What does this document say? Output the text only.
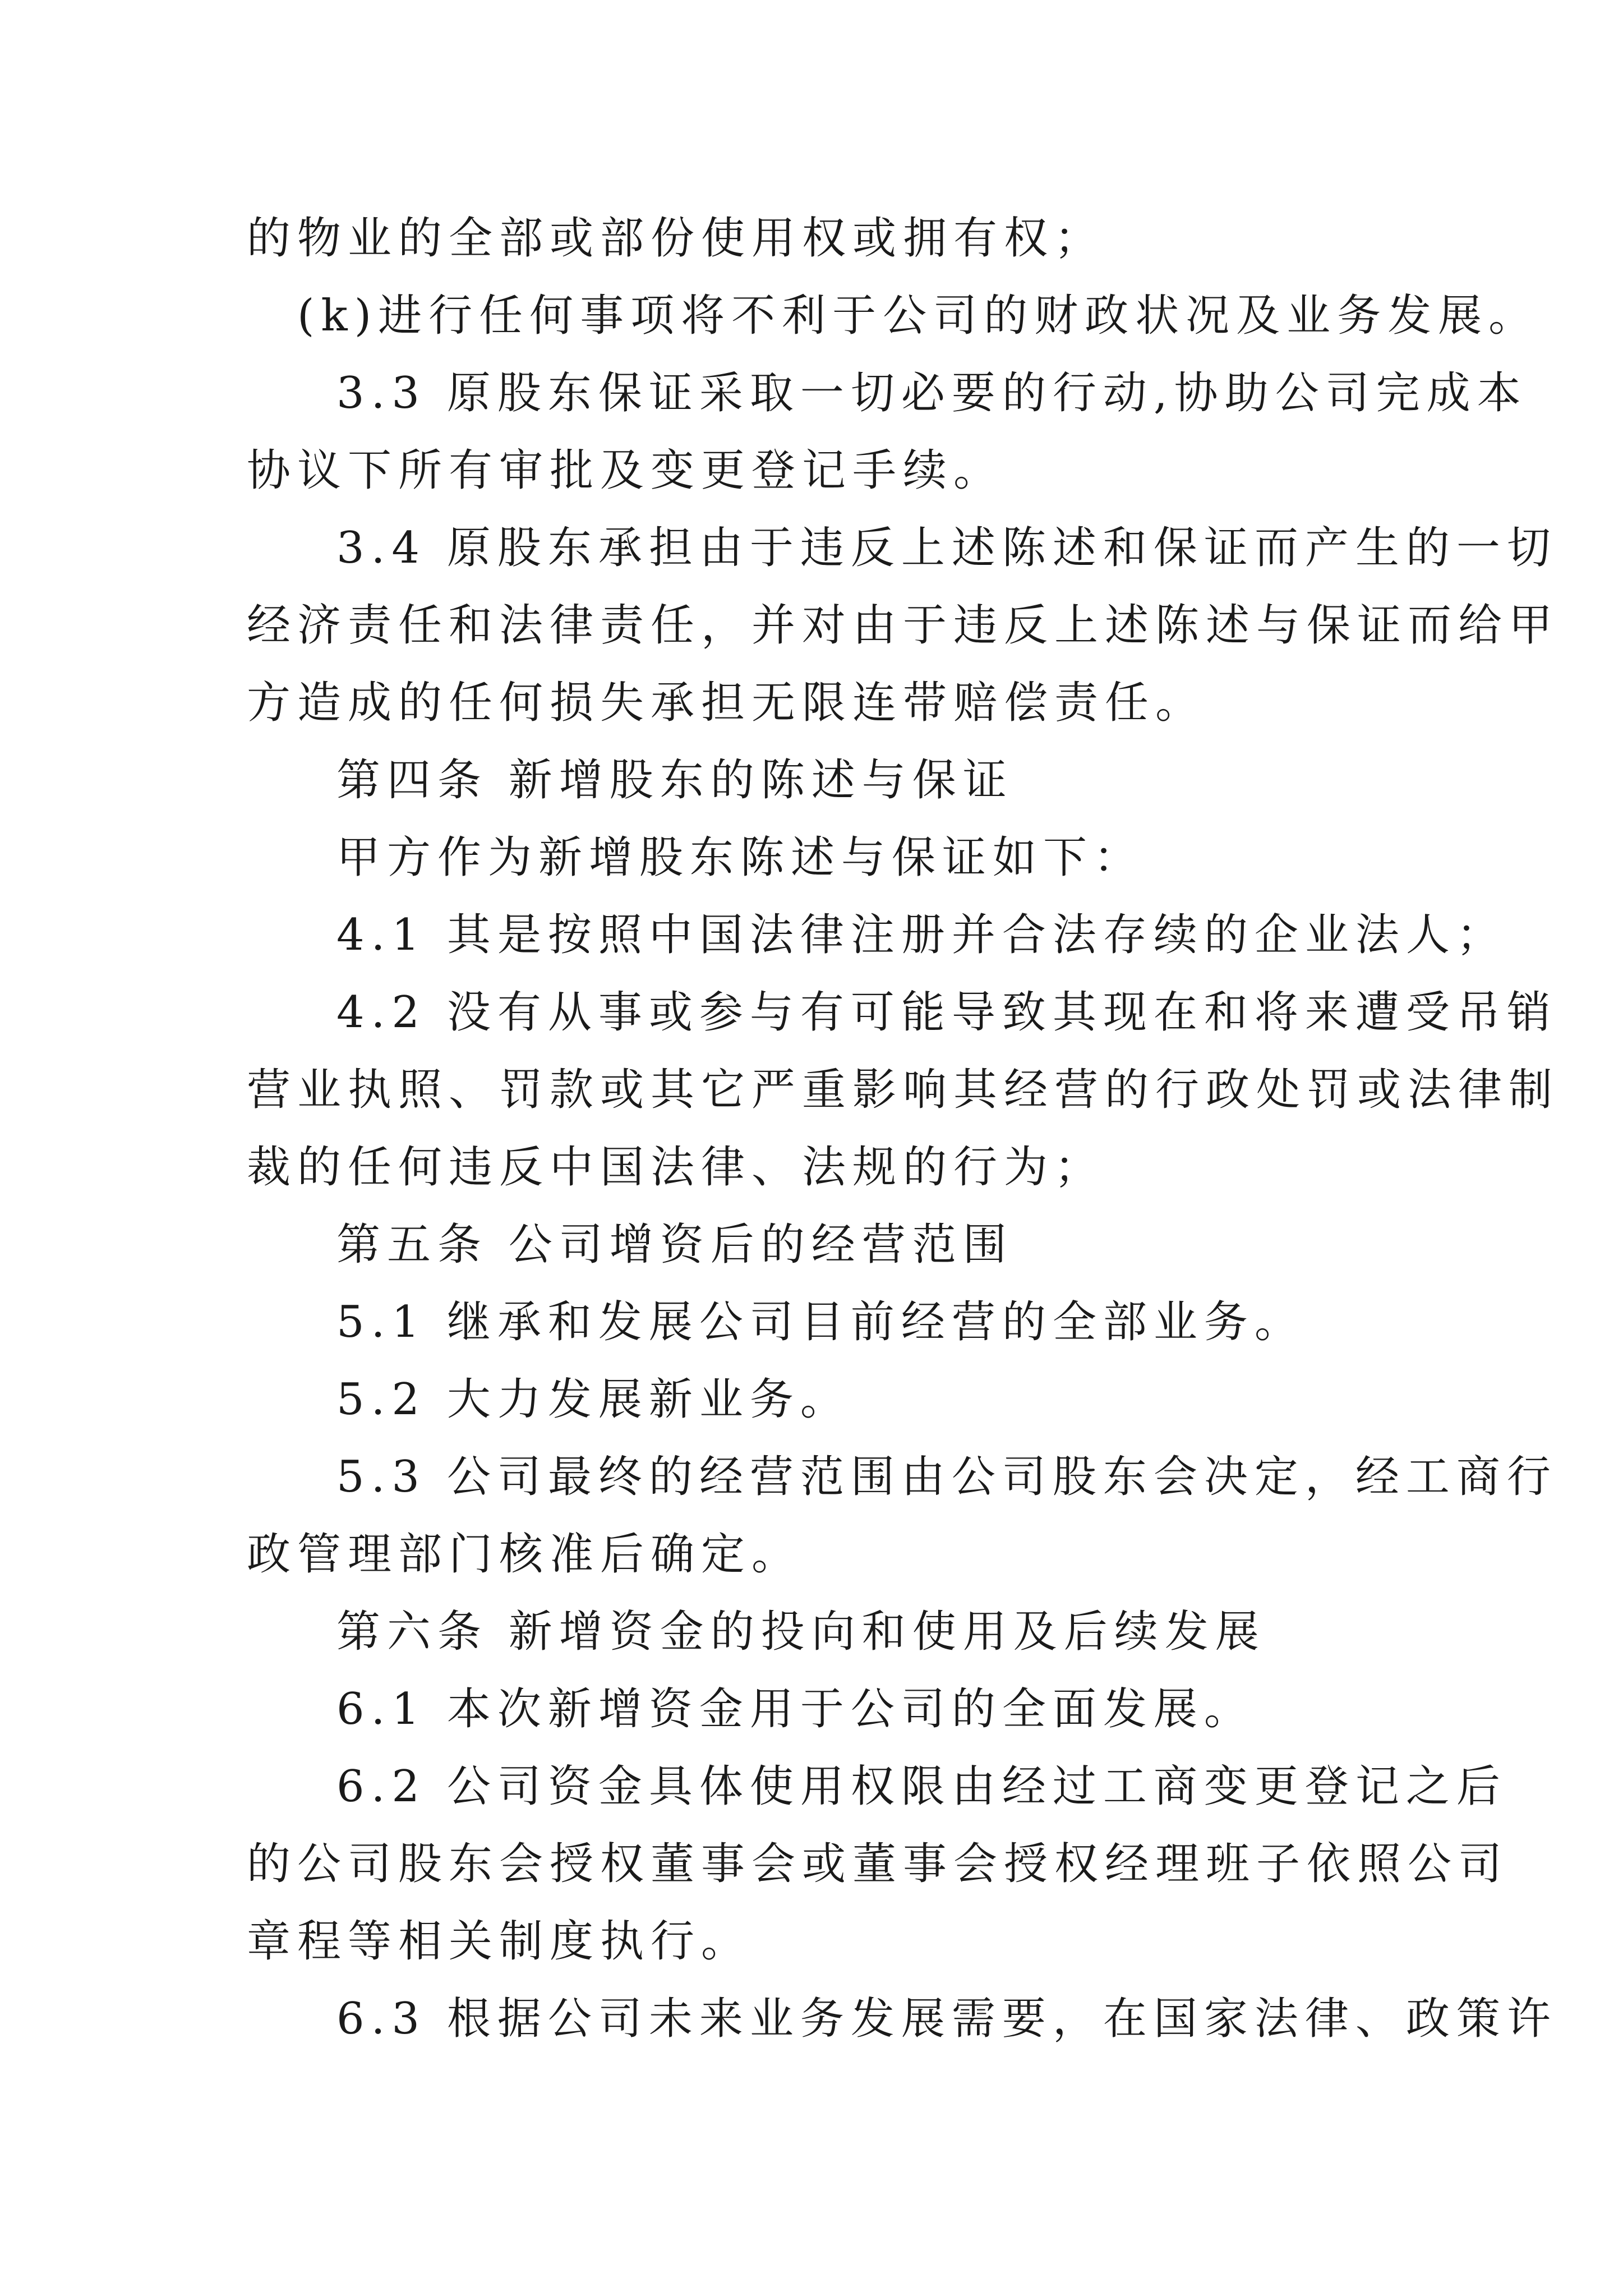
的物业的全部或部份使用权或拥有权；
(k)进行任何事项将不利于公司的财政状况及业务发展。
3.3 原股东保证采取一切必要的行动,协助公司完成本
协议下所有审批及变更登记手续。
3.4 原股东承担由于违反上述陈述和保证而产生的一切
经济责任和法律责任，并对由于违反上述陈述与保证而给甲
方造成的任何损失承担无限连带赔偿责任。
第四条 新增股东的陈述与保证
甲方作为新增股东陈述与保证如下：
4.1 其是按照中国法律注册并合法存续的企业法人；
4.2 没有从事或参与有可能导致其现在和将来遭受吊销
营业执照、罚款或其它严重影响其经营的行政处罚或法律制
裁的任何违反中国法律、法规的行为；
第五条 公司增资后的经营范围
5.1 继承和发展公司目前经营的全部业务。
5.2 大力发展新业务。
5.3 公司最终的经营范围由公司股东会决定，经工商行
政管理部门核准后确定。
第六条 新增资金的投向和使用及后续发展
6.1 本次新增资金用于公司的全面发展。
6.2 公司资金具体使用权限由经过工商变更登记之后
的公司股东会授权董事会或董事会授权经理班子依照公司
章程等相关制度执行。
6.3 根据公司未来业务发展需要，在国家法律、政策许
